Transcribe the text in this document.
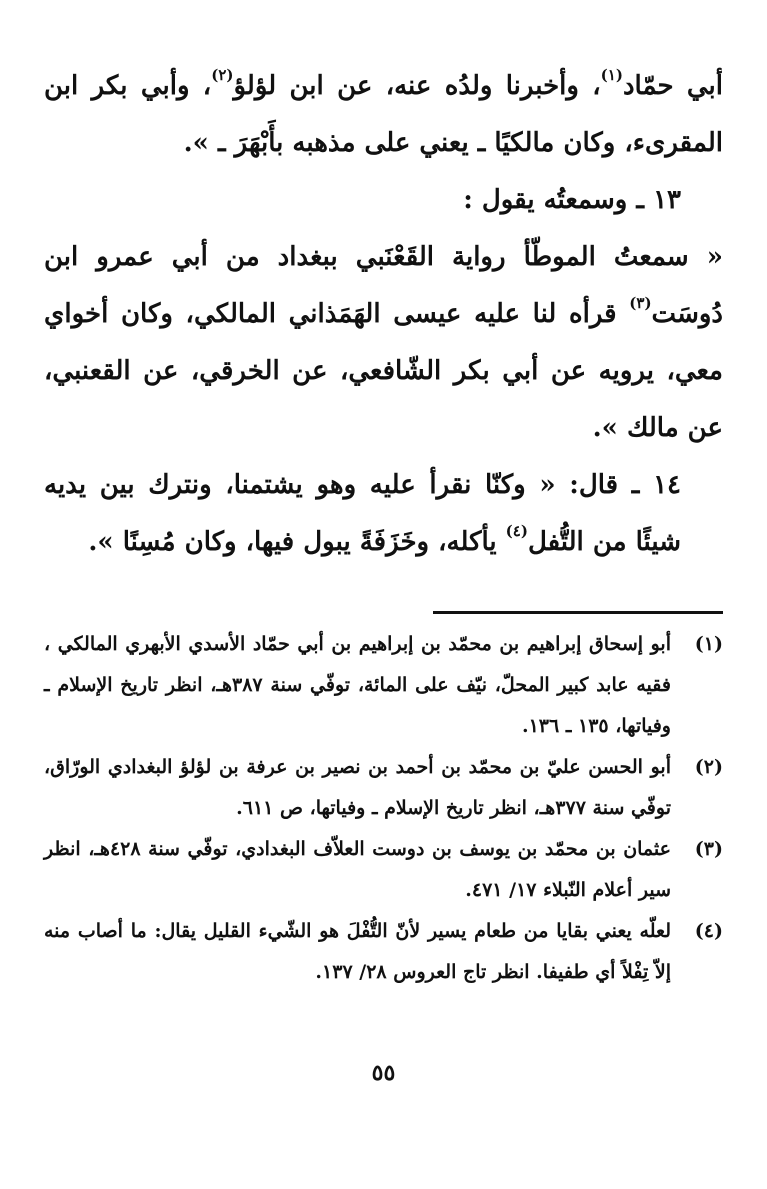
أبي حمّاد$^{(١)}$، وأخبرنا ولدُه عنه، عن ابن لؤلؤ$^{(٢)}$، وأبي بكر ابن المقرىء، وكان مالكيًا ـ يعني على مذهبه بأَبْهَرَ ـ ».

١٣ ـ وسمعتُه يقول :

« سمعتُ الموطّأ رواية القَعْنَبي ببغداد من أبي عمرو ابن دُوسَت$^{(٣)}$ قرأه لنا عليه عيسى الهَمَذاني المالكي، وكان أخواي معي، يرويه عن أبي بكر الشّافعي، عن الخرقي، عن القعنبي، عن مالك ».

١٤ ـ قال: « وكنّا نقرأ عليه وهو يشتمنا، ونترك بين يديه شيئًا من التُّفل$^{(٤)}$ يأكله، وخَزَفَةً يبول فيها، وكان مُسِنًا ».

(١)
أبو إسحاق إبراهيم بن محمّد بن إبراهيم بن أبي حمّاد الأسدي الأبهري المالكي ، فقيه عابد كبير المحلّ، نيّف على المائة، توفّي سنة ٣٨٧هـ، انظر تاريخ الإسلام ـ وفياتها، ١٣٥ ـ ١٣٦.

(٢)
أبو الحسن عليّ بن محمّد بن أحمد بن نصير بن عرفة بن لؤلؤ البغدادي الورّاق، توفّي سنة ٣٧٧هـ، انظر تاريخ الإسلام ـ وفياتها، ص ٦١١.

(٣)
عثمان بن محمّد بن يوسف بن دوست العلاّف البغدادي، توفّي سنة ٤٢٨هـ، انظر سير أعلام النّبلاء ١٧/ ٤٧١.

(٤)
لعلّه يعني بقايا من طعام يسير لأنّ التُّفْلَ هو الشّيء القليل يقال: ما أصاب منه إلاّ تِفْلاً أي طفيفا. انظر تاج العروس ٢٨/ ١٣٧.

٥٥
